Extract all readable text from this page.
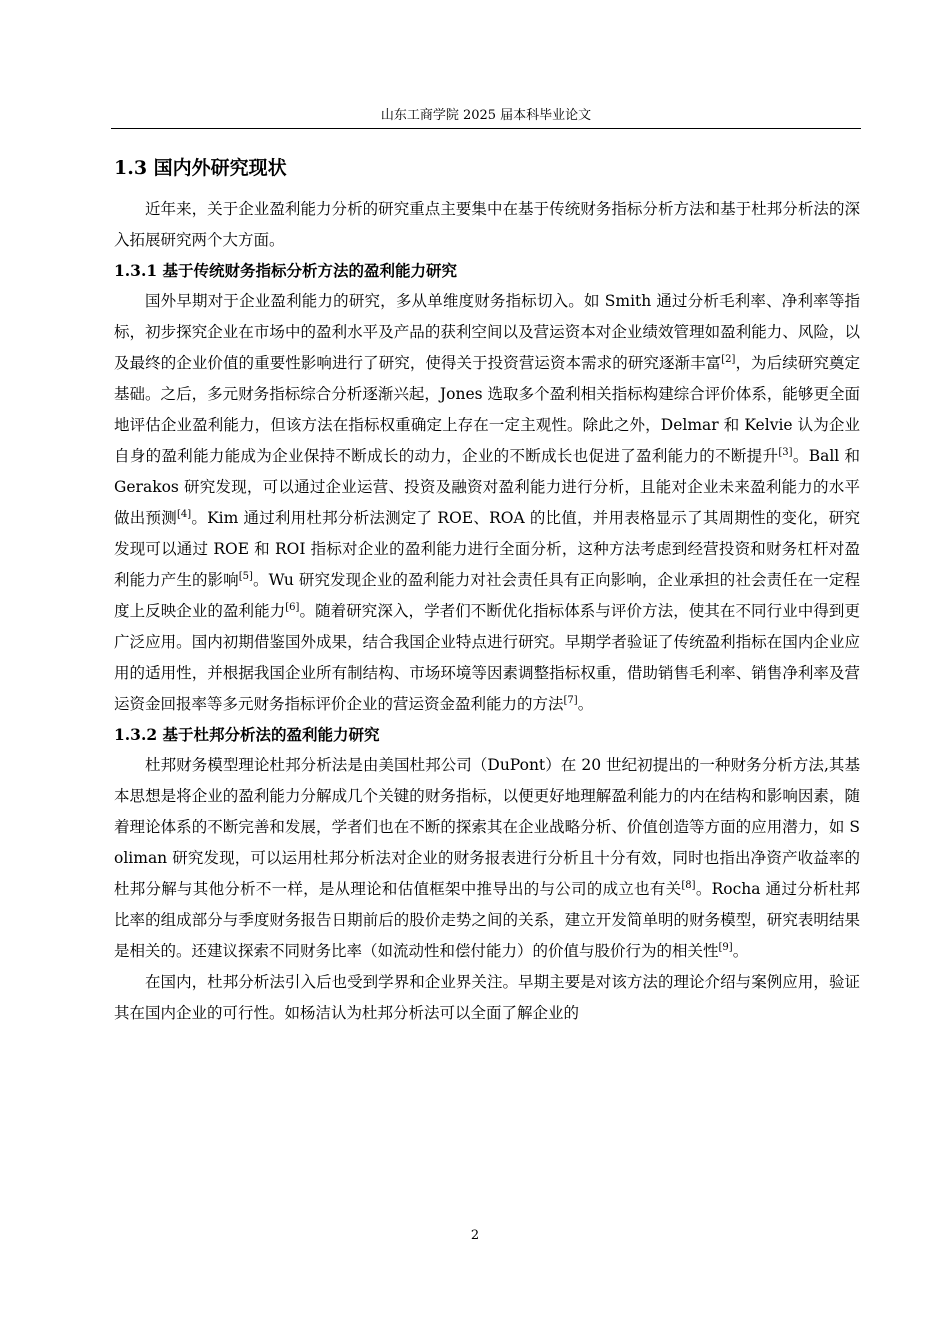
山东工商学院 2025 届本科毕业论文
1.3 国内外研究现状

近年来，关于企业盈利能力分析的研究重点主要集中在基于传统财务指标分析方法和基于杜邦分析法的深入拓展研究两个大方面。

1.3.1 基于传统财务指标分析方法的盈利能力研究

国外早期对于企业盈利能力的研究，多从单维度财务指标切入。如 Smith 通过分析毛利率、净利率等指标，初步探究企业在市场中的盈利水平及产品的获利空间以及营运资本对企业绩效管理如盈利能力、风险，以及最终的企业价值的重要性影响进行了研究，使得关于投资营运资本需求的研究逐渐丰富[2]，为后续研究奠定基础。之后，多元财务指标综合分析逐渐兴起，Jones 选取多个盈利相关指标构建综合评价体系，能够更全面地评估企业盈利能力，但该方法在指标权重确定上存在一定主观性。除此之外，Delmar 和 Kelvie 认为企业自身的盈利能力能成为企业保持不断成长的动力，企业的不断成长也促进了盈利能力的不断提升[3]。Ball 和 Gerakos 研究发现，可以通过企业运营、投资及融资对盈利能力进行分析，且能对企业未来盈利能力的水平做出预测[4]。Kim 通过利用杜邦分析法测定了 ROE、ROA 的比值，并用表格显示了其周期性的变化，研究发现可以通过 ROE 和 ROI 指标对企业的盈利能力进行全面分析，这种方法考虑到经营投资和财务杠杆对盈利能力产生的影响[5]。Wu 研究发现企业的盈利能力对社会责任具有正向影响，企业承担的社会责任在一定程度上反映企业的盈利能力[6]。随着研究深入，学者们不断优化指标体系与评价方法，使其在不同行业中得到更广泛应用。国内初期借鉴国外成果，结合我国企业特点进行研究。早期学者验证了传统盈利指标在国内企业应用的适用性，并根据我国企业所有制结构、市场环境等因素调整指标权重，借助销售毛利率、销售净利率及营运资金回报率等多元财务指标评价企业的营运资金盈利能力的方法[7]。

1.3.2 基于杜邦分析法的盈利能力研究

杜邦财务模型理论杜邦分析法是由美国杜邦公司（DuPont）在 20 世纪初提出的一种财务分析方法,其基本思想是将企业的盈利能力分解成几个关键的财务指标，以便更好地理解盈利能力的内在结构和影响因素，随着理论体系的不断完善和发展，学者们也在不断的探索其在企业战略分析、价值创造等方面的应用潜力，如 Soliman 研究发现，可以运用杜邦分析法对企业的财务报表进行分析且十分有效，同时也指出净资产收益率的杜邦分解与其他分析不一样，是从理论和估值框架中推导出的与公司的成立也有关[8]。Rocha 通过分析杜邦比率的组成部分与季度财务报告日期前后的股价走势之间的关系，建立开发简单明的财务模型，研究表明结果是相关的。还建议探索不同财务比率（如流动性和偿付能力）的价值与股价行为的相关性[9]。

在国内，杜邦分析法引入后也受到学界和企业界关注。早期主要是对该方法的理论介绍与案例应用，验证其在国内企业的可行性。如杨洁认为杜邦分析法可以全面了解企业的

2
